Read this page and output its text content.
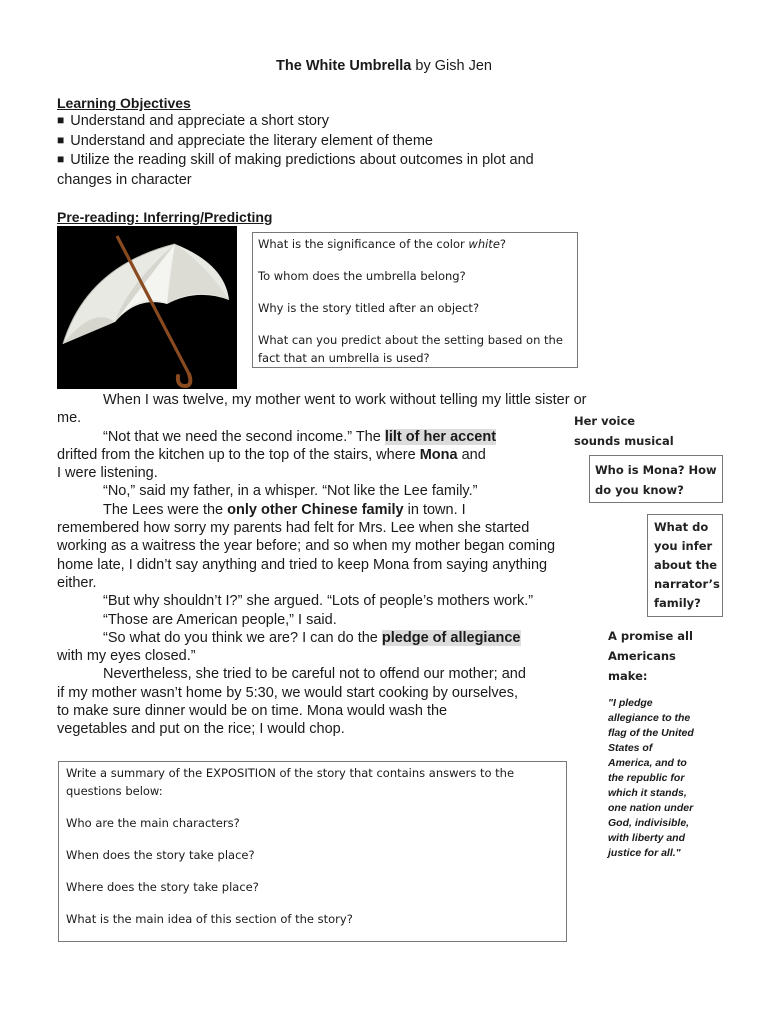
The White Umbrella by Gish Jen
Learning Objectives
■ Understand and appreciate a short story
■ Understand and appreciate the literary element of theme
■ Utilize the reading skill of making predictions about outcomes in plot and
changes in character
Pre-reading: Inferring/Predicting

What is the significance of the color white?

To whom does the umbrella belong?

Why is the story titled after an object?

What can you predict about the setting based on the
fact that an umbrella is used?

When I was twelve, my mother went to work without telling my little sister or

me.

“Not that we need the second income.” The lilt of her accent

drifted from the kitchen up to the top of the stairs, where Mona and

I were listening.

“No,” said my father, in a whisper. “Not like the Lee family.”

The Lees were the only other Chinese family in town. I

remembered how sorry my parents had felt for Mrs. Lee when she started

working as a waitress the year before; and so when my mother began coming

home late, I didn’t say anything and tried to keep Mona from saying anything

either.

“But why shouldn’t I?” she argued. “Lots of people’s mothers work.”

“Those are American people,” I said.

“So what do you think we are? I can do the pledge of allegiance

with my eyes closed.”

Nevertheless, she tried to be careful not to offend our mother; and

if my mother wasn’t home by 5:30, we would start cooking by ourselves,

to make sure dinner would be on time. Mona would wash the

vegetables and put on the rice; I would chop.

Her voice
sounds musical
Who is Mona? How
do you know?
What do
you infer
about the
narrator’s
family?
A promise all
Americans
make:
"I pledge
allegiance to the
flag of the United
States of
America, and to
the republic for
which it stands,
one nation under
God, indivisible,
with liberty and
justice for all."

Write a summary of the EXPOSITION of the story that contains answers to the
questions below:

Who are the main characters?

When does the story take place?

Where does the story take place?

What is the main idea of this section of the story?
